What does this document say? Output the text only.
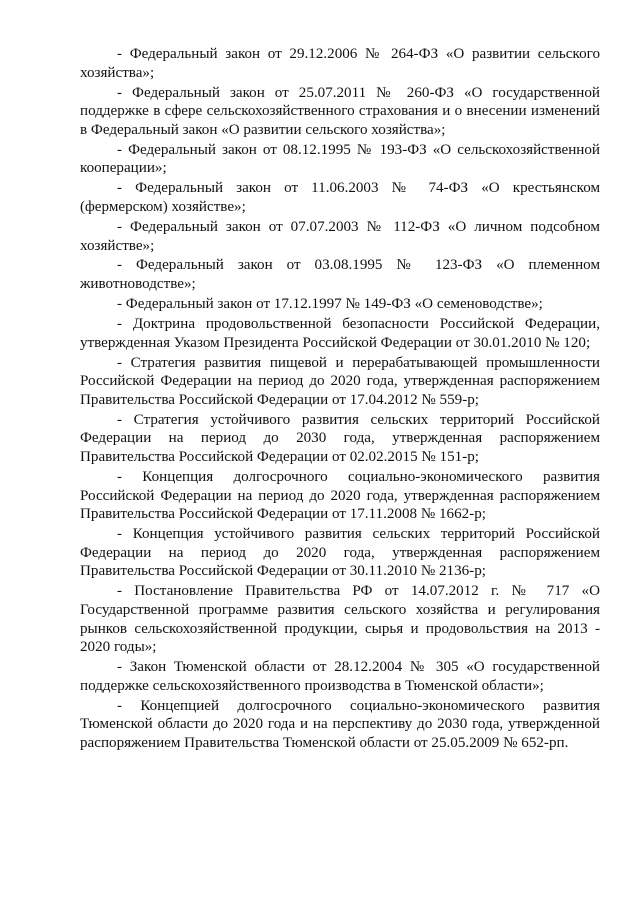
- Федеральный закон от 29.12.2006 № 264-ФЗ «О развитии сельского хозяйства»;

- Федеральный закон от 25.07.2011 № 260-ФЗ «О государственной поддержке в сфере сельскохозяйственного страхования и о внесении изменений в Федеральный закон «О развитии сельского хозяйства»;

- Федеральный закон от 08.12.1995 № 193-ФЗ «О сельскохозяйственной кооперации»;

- Федеральный закон от 11.06.2003 № 74-ФЗ «О крестьянском (фермерском) хозяйстве»;

- Федеральный закон от 07.07.2003 № 112-ФЗ «О личном подсобном хозяйстве»;

- Федеральный закон от 03.08.1995 № 123-ФЗ «О племенном животноводстве»;

- Федеральный закон от 17.12.1997 № 149-ФЗ «О семеноводстве»;

- Доктрина продовольственной безопасности Российской Федерации, утвержденная Указом Президента Российской Федерации от 30.01.2010 № 120;

- Стратегия развития пищевой и перерабатывающей промышленности Российской Федерации на период до 2020 года, утвержденная распоряжением Правительства Российской Федерации от 17.04.2012 № 559-р;

- Стратегия устойчивого развития сельских территорий Российской Федерации на период до 2030 года, утвержденная распоряжением Правительства Российской Федерации от 02.02.2015 № 151-р;

- Концепция долгосрочного социально-экономического развития Российской Федерации на период до 2020 года, утвержденная распоряжением Правительства Российской Федерации от 17.11.2008 № 1662-р;

- Концепция устойчивого развития сельских территорий Российской Федерации на период до 2020 года, утвержденная распоряжением Правительства Российской Федерации от 30.11.2010 № 2136-р;

- Постановление Правительства РФ от 14.07.2012 г. № 717 «О Государственной программе развития сельского хозяйства и регулирования рынков сельскохозяйственной продукции, сырья и продовольствия на 2013 - 2020 годы»;

- Закон Тюменской области от 28.12.2004 № 305 «О государственной поддержке сельскохозяйственного производства в Тюменской области»;

- Концепцией долгосрочного социально-экономического развития Тюменской области до 2020 года и на перспективу до 2030 года, утвержденной распоряжением Правительства Тюменской области от 25.05.2009 № 652-рп.
